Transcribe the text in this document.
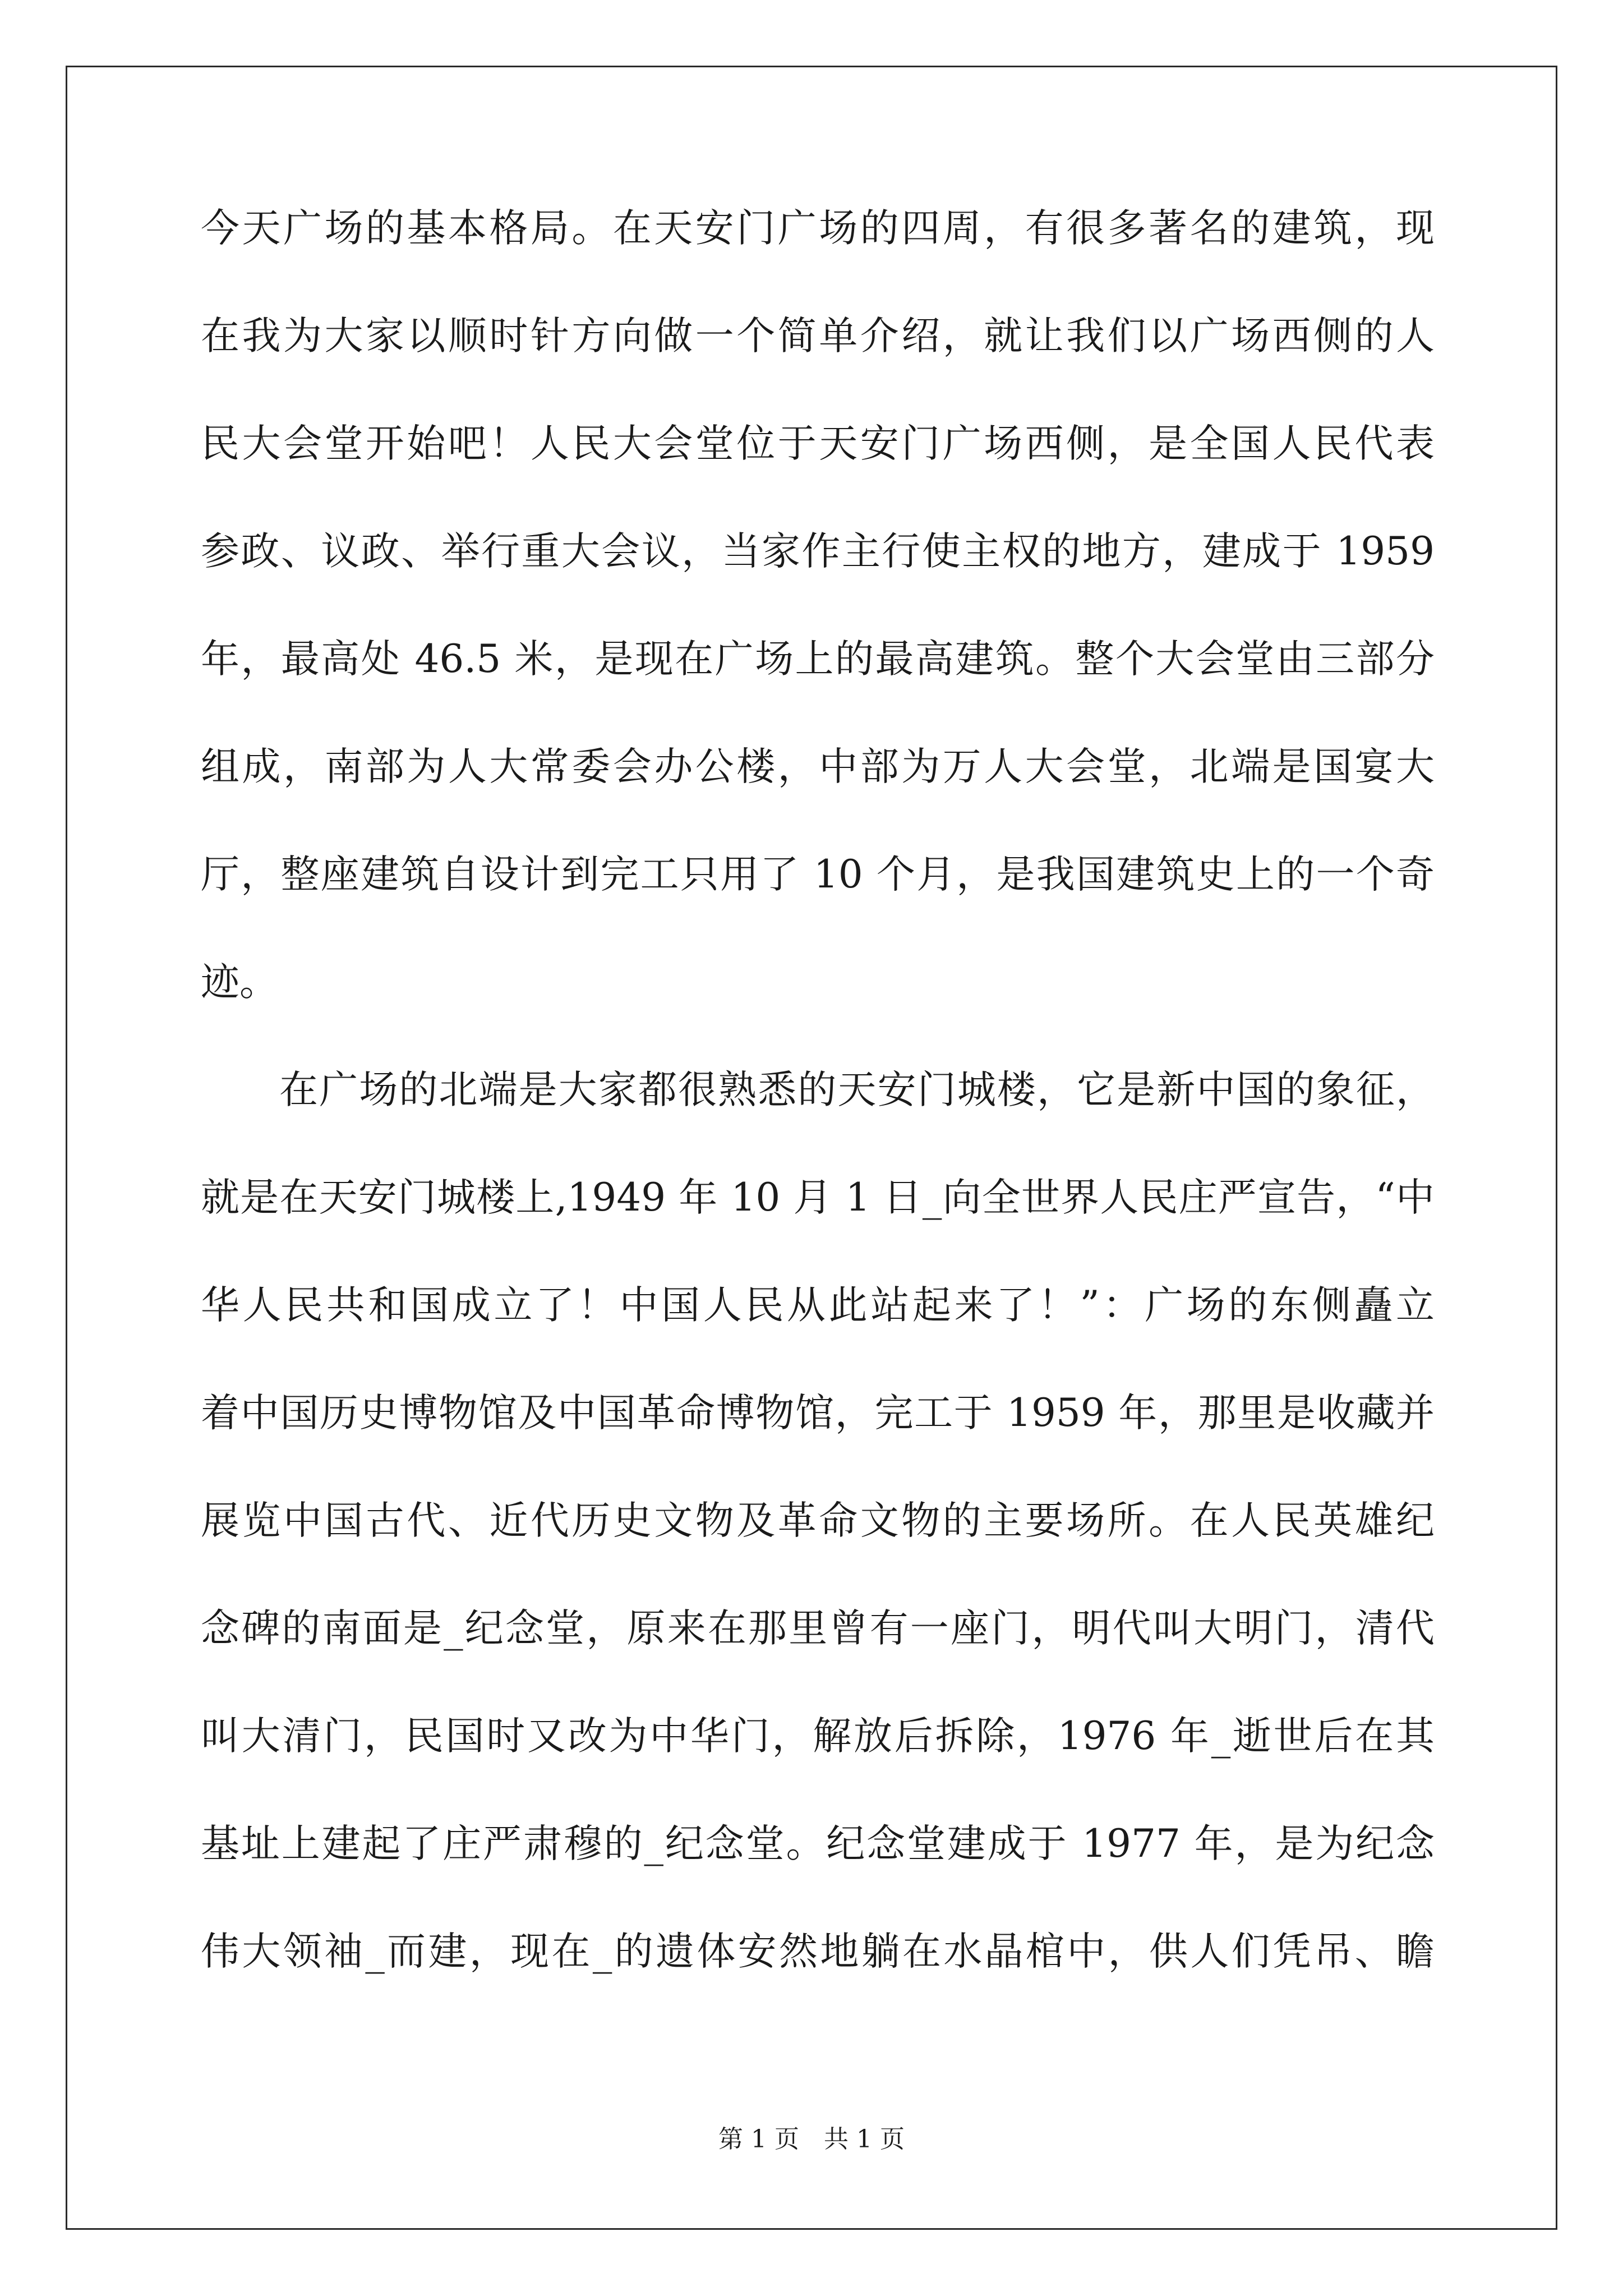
今天广场的基本格局。在天安门广场的四周，有很多著名的建筑，现
在我为大家以顺时针方向做一个简单介绍，就让我们以广场西侧的人
民大会堂开始吧！人民大会堂位于天安门广场西侧，是全国人民代表
参政、议政、举行重大会议，当家作主行使主权的地方，建成于 1959
年，最高处 46.5 米，是现在广场上的最高建筑。整个大会堂由三部分
组成，南部为人大常委会办公楼，中部为万人大会堂，北端是国宴大
厅，整座建筑自设计到完工只用了 10 个月，是我国建筑史上的一个奇
迹。
在广场的北端是大家都很熟悉的天安门城楼，它是新中国的象征，
就是在天安门城楼上,1949 年 10 月 1 日_向全世界人民庄严宣告，“中
华人民共和国成立了！中国人民从此站起来了！”：广场的东侧矗立
着中国历史博物馆及中国革命博物馆，完工于 1959 年，那里是收藏并
展览中国古代、近代历史文物及革命文物的主要场所。在人民英雄纪
念碑的南面是_纪念堂，原来在那里曾有一座门，明代叫大明门，清代
叫大清门，民国时又改为中华门，解放后拆除，1976 年_逝世后在其
基址上建起了庄严肃穆的_纪念堂。纪念堂建成于 1977 年，是为纪念
伟大领袖_而建，现在_的遗体安然地躺在水晶棺中，供人们凭吊、瞻
第 1 页　共 1 页
